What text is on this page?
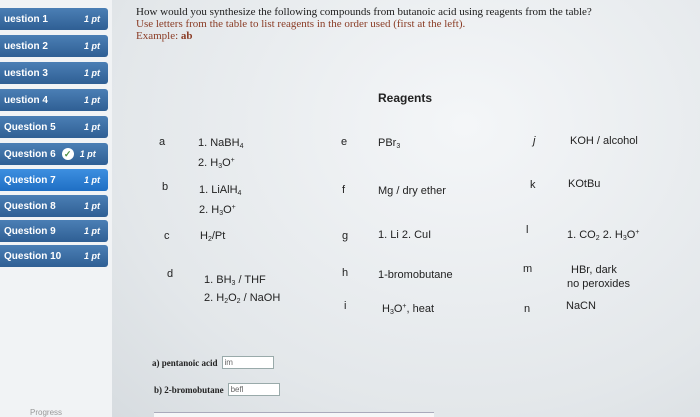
uestion 1	1 pt
uestion 2	1 pt
uestion 3	1 pt
uestion 4	1 pt
Question 5	1 pt
Question 6 ✓ 1 pt
Question 7	1 pt
Question 8	1 pt
Question 9	1 pt
Question 10	1 pt
Progress
How would you synthesize the following compounds from butanoic acid using reagents from the table?
Use letters from the table to list reagents in the order used (first at the left).
Example: ab
Reagents
a	1. NaBH$_4$
2. $H_3O^+$
b	1. LiAlH$_4$
2. $H_3O^+$
c	$H_2/Pt$
d	1. $BH_3$ / THF
2. $H_2O_2$ / NaOH
e	PBr$_3$
f	Mg / dry ether
g	1. Li 2. CuI
h	1-bromobutane
i	$H_3O^+$, heat
j	KOH / alcohol
k	KOtBu
l	1. $CO_2$ 2. $H_3O^+$
m	HBr, dark
no peroxides
n	NaCN
a) pentanoic acid im
b) 2-bromobutane befl
